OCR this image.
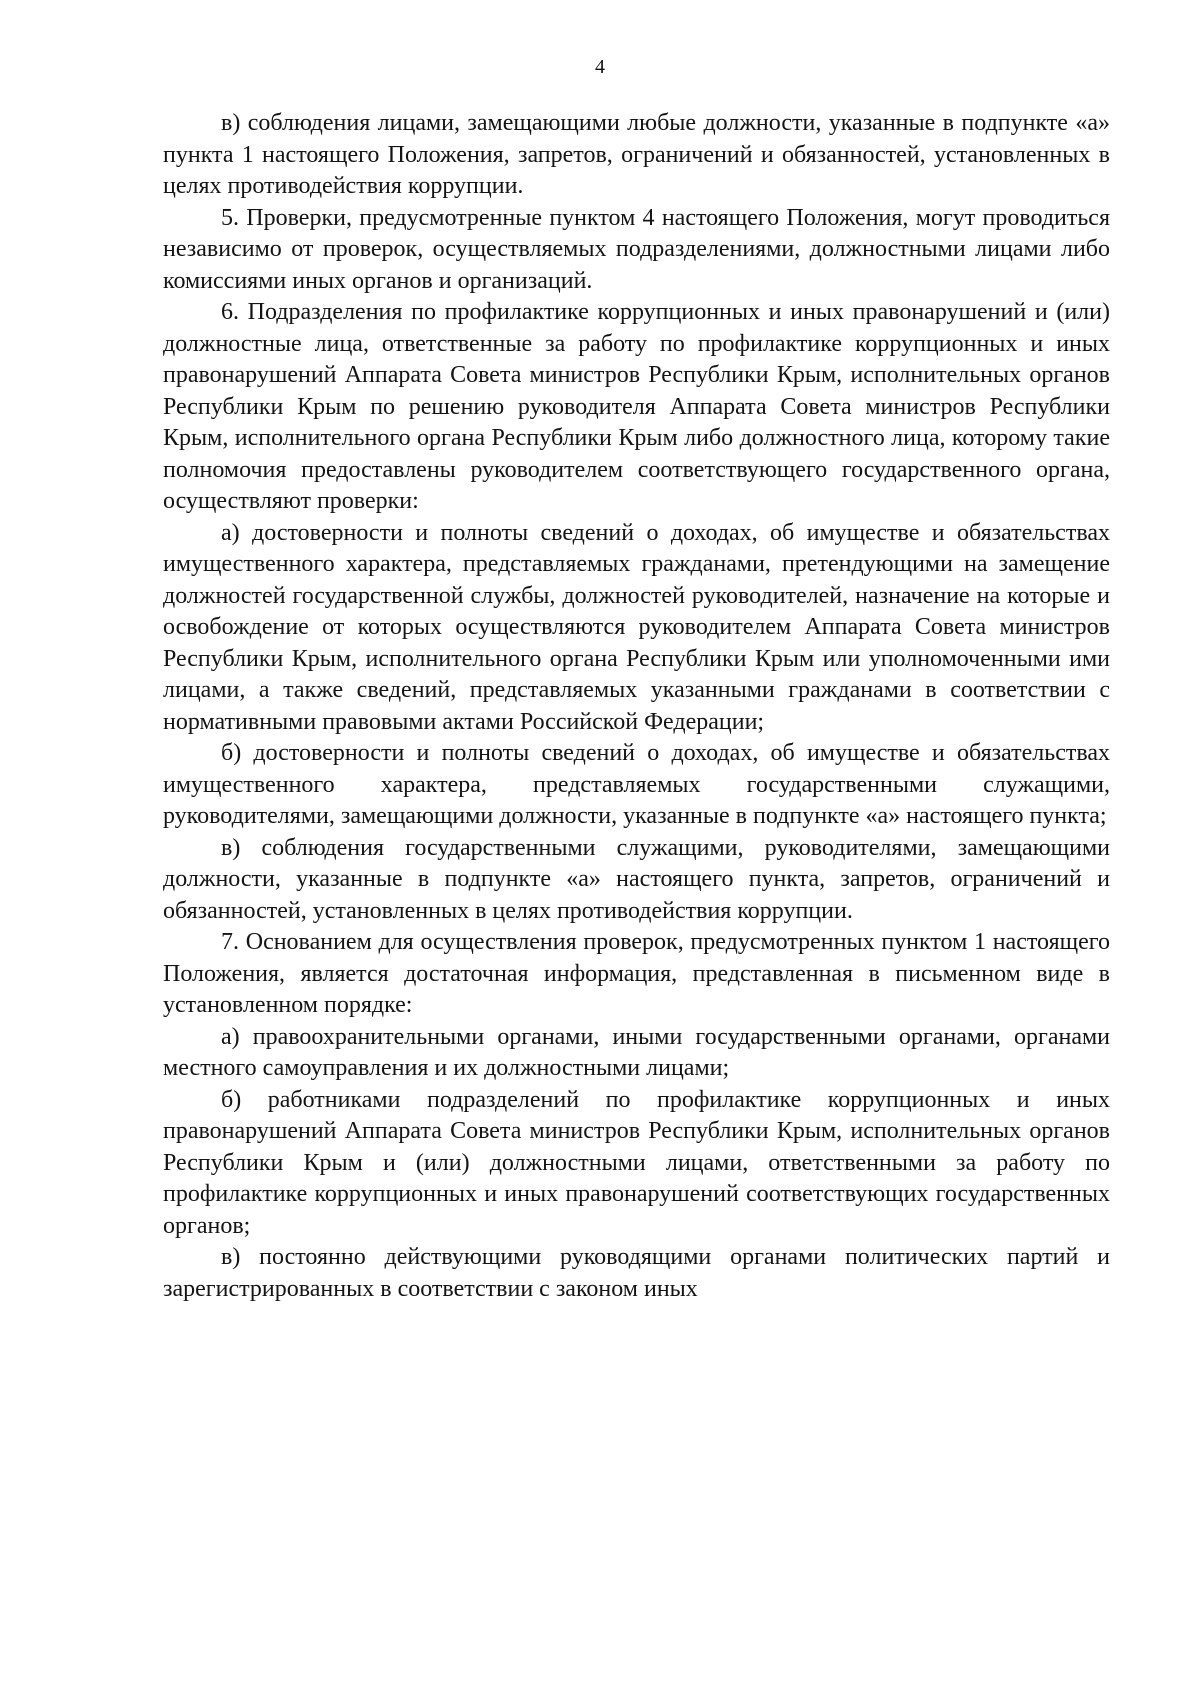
4

в) соблюдения лицами, замещающими любые должности, указанные в подпункте «а» пункта 1 настоящего Положения, запретов, ограничений и обязанностей, установленных в целях противодействия коррупции.

5. Проверки, предусмотренные пунктом 4 настоящего Положения, могут проводиться независимо от проверок, осуществляемых подразделениями, должностными лицами либо комиссиями иных органов и организаций.

6. Подразделения по профилактике коррупционных и иных правонарушений и (или) должностные лица, ответственные за работу по профилактике коррупционных и иных правонарушений Аппарата Совета министров Республики Крым, исполнительных органов Республики Крым по решению руководителя Аппарата Совета министров Республики Крым, исполнительного органа Республики Крым либо должностного лица, которому такие полномочия предоставлены руководителем соответствующего государственного органа, осуществляют проверки:

а) достоверности и полноты сведений о доходах, об имуществе и обязательствах имущественного характера, представляемых гражданами, претендующими на замещение должностей государственной службы, должностей руководителей, назначение на которые и освобождение от которых осуществляются руководителем Аппарата Совета министров Республики Крым, исполнительного органа Республики Крым или уполномоченными ими лицами, а также сведений, представляемых указанными гражданами в соответствии с нормативными правовыми актами Российской Федерации;

б) достоверности и полноты сведений о доходах, об имуществе и обязательствах имущественного характера, представляемых государственными служащими, руководителями, замещающими должности, указанные в подпункте «а» настоящего пункта;

в) соблюдения государственными служащими, руководителями, замещающими должности, указанные в подпункте «а» настоящего пункта, запретов, ограничений и обязанностей, установленных в целях противодействия коррупции.

7. Основанием для осуществления проверок, предусмотренных пунктом 1 настоящего Положения, является достаточная информация, представленная в письменном виде в установленном порядке:

а) правоохранительными органами, иными государственными органами, органами местного самоуправления и их должностными лицами;

б) работниками подразделений по профилактике коррупционных и иных правонарушений Аппарата Совета министров Республики Крым, исполнительных органов Республики Крым и (или) должностными лицами, ответственными за работу по профилактике коррупционных и иных правонарушений соответствующих государственных органов;

в) постоянно действующими руководящими органами политических партий и зарегистрированных в соответствии с законом иных
